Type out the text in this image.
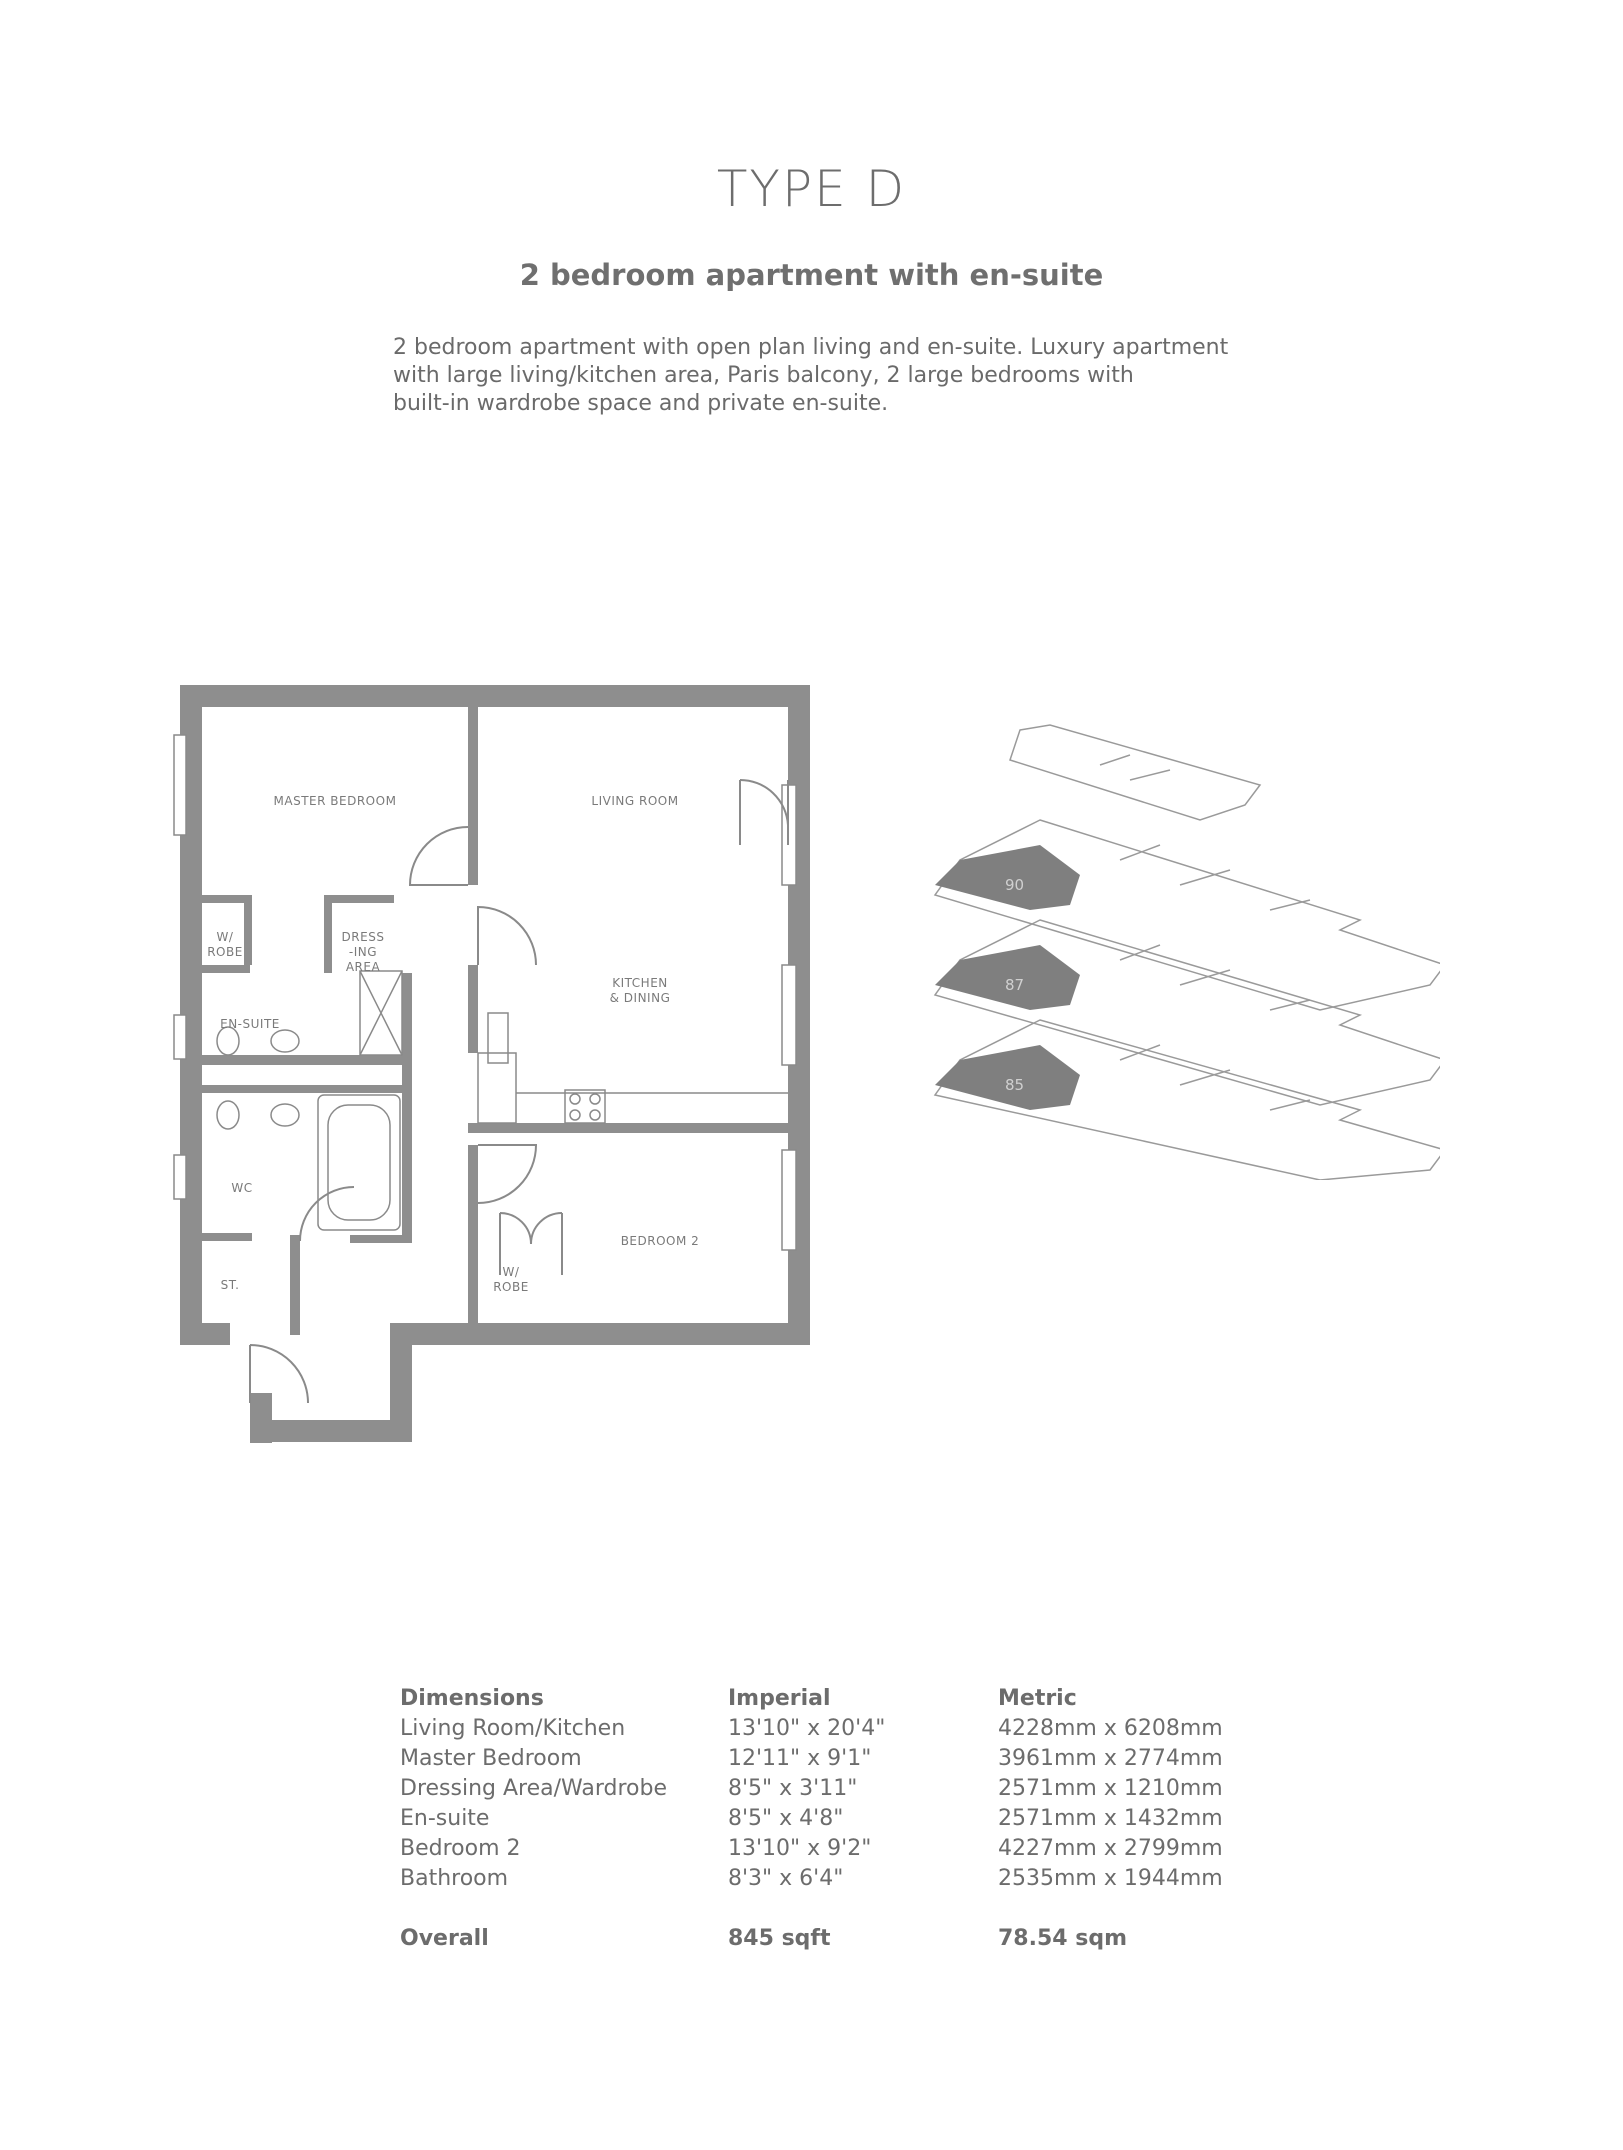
TYPE D
2 bedroom apartment with en-suite
2 bedroom apartment with open plan living and en-suite. Luxury apartment
with large living/kitchen area, Paris balcony, 2 large bedrooms with
built-in wardrobe space and private en-suite.
MASTER BEDROOM	LIVING ROOM
KITCHEN
& DINING
W/
ROBE
DRESS
-ING
AREA
EN-SUITE
WC
ST.
W/
ROBE
BEDROOM 2
90
87
85
Dimensions	Imperial	Metric
Living Room/Kitchen	13'10" x 20'4"	4228mm x 6208mm
Master Bedroom	12'11" x 9'1"	3961mm x 2774mm
Dressing Area/Wardrobe	8'5" x 3'11"	2571mm x 1210mm
En-suite	8'5" x 4'8"	2571mm x 1432mm
Bedroom 2	13'10" x 9'2"	4227mm x 2799mm
Bathroom	8'3" x 6'4"	2535mm x 1944mm

Overall	845 sqft	78.54 sqm
